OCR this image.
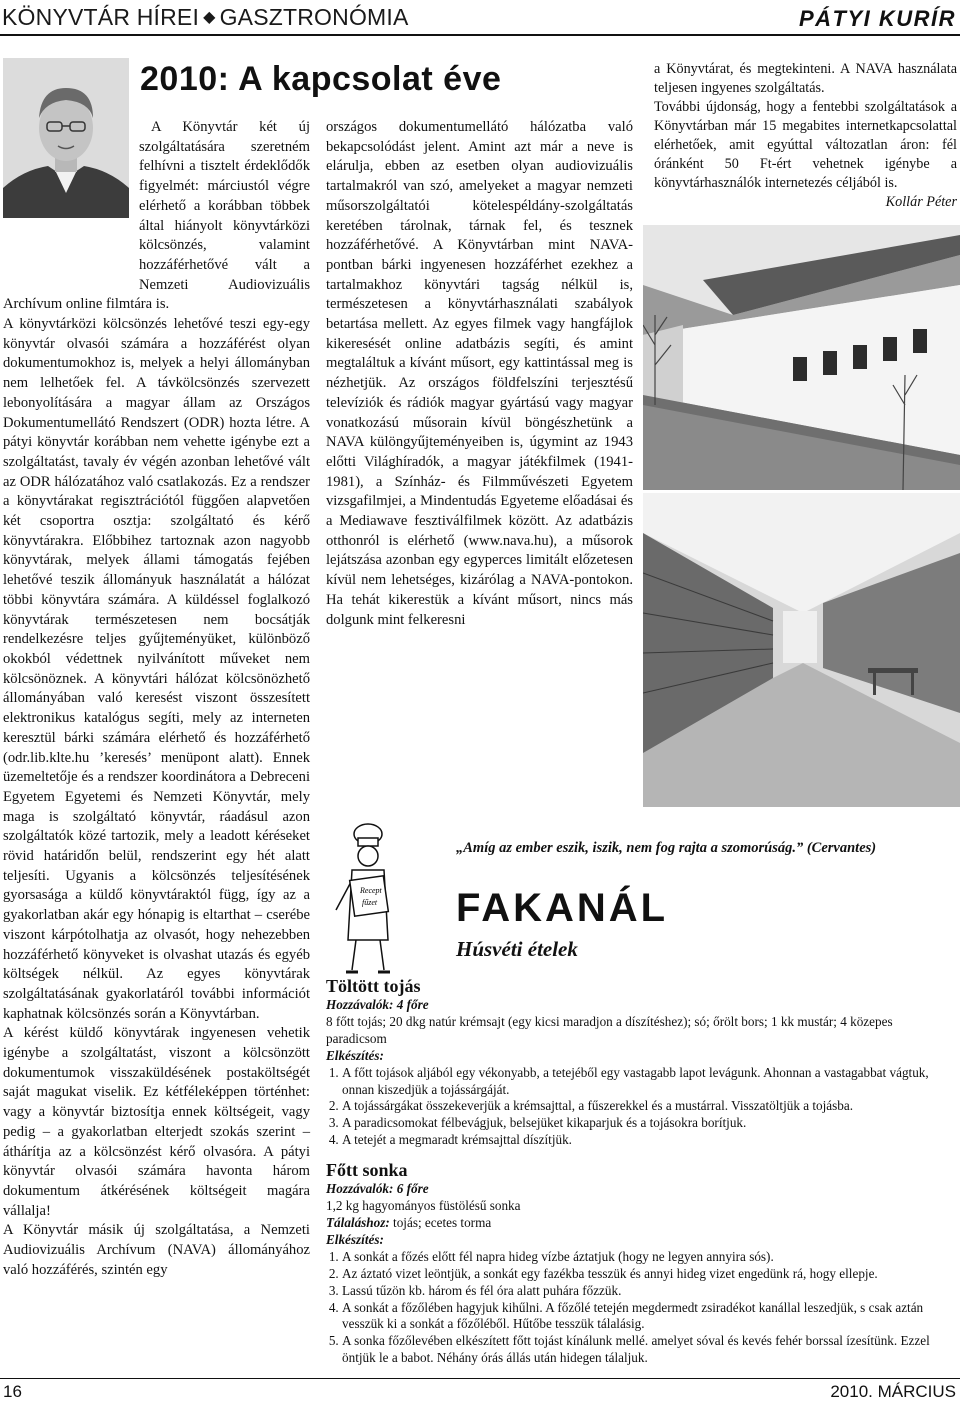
KÖNYVTÁR HÍREI ◆ GASZTRONÓMIA	PÁTYI KURÍR
2010: A kapcsolat éve

A Könyvtár két új szolgáltatására szeretném felhívni a tisztelt érdeklődők figyelmét: márciustól végre elérhető a korábban többek által hiányolt könyvtárközi kölcsönzés, valamint hozzáférhetővé vált a Nemzeti Audiovizuális Archívum online filmtára is.

A könyvtárközi kölcsönzés lehetővé teszi egy-egy könyvtár olvasói számára a hozzáférést olyan dokumentumokhoz is, melyek a helyi állományban nem lelhetőek fel. A távkölcsönzés szervezett lebonyolítására a magyar állam az Országos Dokumentumellátó Rendszert (ODR) hozta létre. A pátyi könyvtár korábban nem vehette igénybe ezt a szolgáltatást, tavaly év végén azonban lehetővé vált az ODR hálózatához való csatlakozás. Ez a rendszer a könyvtárakat regisztrációtól függően alapvetően két csoportra osztja: szolgáltató és kérő könyvtárakra. Előbbihez tartoznak azon nagyobb könyvtárak, melyek állami támogatás fejében lehetővé teszik állományuk használatát a hálózat többi könyvtára számára. A küldéssel foglalkozó könyvtárak természetesen nem bocsátják rendelkezésre teljes gyűjteményüket, különböző okokból védettnek nyilvánított műveket nem kölcsönöznek. A könyvtári hálózat kölcsönözhető állományában való keresést viszont összesített elektronikus katalógus segíti, mely az interneten keresztül bárki számára elérhető és hozzáférhető (odr.lib.klte.hu ’keresés’ menüpont alatt). Ennek üzemeltetője és a rendszer koordinátora a Debreceni Egyetem Egyetemi és Nemzeti Könyvtár, mely maga is szolgáltató könyvtár, ráadásul azon szolgáltatók közé tartozik, mely a leadott kéréseket rövid határidőn belül, rendszerint egy hét alatt teljesíti. Ugyanis a kölcsönzés teljesítésének gyorsasága a küldő könyvtáraktól függ, így az a gyakorlatban akár egy hónapig is eltarthat – cserébe viszont kárpótolhatja az olvasót, hogy nehezebben hozzáférhető könyveket is olvashat utazás és egyéb költségek nélkül. Az egyes könyvtárak szolgáltatásának gyakorlatáról további információt kaphatnak kölcsönzés során a Könyvtárban.

A kérést küldő könyvtárak ingyenesen vehetik igénybe a szolgáltatást, viszont a kölcsönzött dokumentumok visszaküldésének postaköltségét saját magukat viselik. Ez kétféleképpen történhet: vagy a könyvtár biztosítja ennek költségeit, vagy pedig – a gyakorlatban elterjedt szokás szerint – áthárítja az a kölcsönzést kérő olvasóra. A pátyi könyvtár olvasói számára havonta három dokumentum átkérésének költségeit magára vállalja!

A Könyvtár másik új szolgáltatása, a Nemzeti Audiovizuális Archívum (NAVA) állományához való hozzáférés, szintén egy

országos dokumentumellátó hálózatba való bekapcsolódást jelent. Amint azt már a neve is elárulja, ebben az esetben olyan audiovizuális tartalmakról van szó, amelyeket a magyar nemzeti műsorszolgáltatói kötelespéldány-szolgáltatás keretében tárolnak, tárnak fel, és tesznek hozzáférhetővé. A Könyvtárban mint NAVA-pontban bárki ingyenesen hozzáférhet ezekhez a tartalmakhoz könyvtári tagság nélkül is, természetesen a könyvtárhasználati szabályok betartása mellett. Az egyes filmek vagy hangfájlok kikeresését online adatbázis segíti, és amint megtaláltuk a kívánt műsort, egy kattintással meg is nézhetjük. Az országos földfelszíni terjesztésű televíziók és rádiók magyar gyártású vagy magyar vonatkozású műsorain kívül böngészhetünk a NAVA különgyűjteményeiben is, úgymint az 1943 előtti Világhíradók, a magyar játékfilmek (1941-1981), a Színház- és Filmművészeti Egyetem vizsgafilmjei, a Mindentudás Egyeteme előadásai és a Mediawave fesztiválfilmek között. Az adatbázis otthonról is elérhető (www.nava.hu), a műsorok lejátszása azonban egy egyperces limitált előzetesen kívül nem lehetséges, kizárólag a NAVA-pontokon. Ha tehát kikerestük a kívánt műsort, nincs más dolgunk mint felkeresni

a Könyvtárat, és megtekinteni. A NAVA használata teljesen ingyenes szolgáltatás.

További újdonság, hogy a fentebbi szolgáltatások a Könyvtárban már 15 megabites internetkapcsolattal elérhetőek, amit egyúttal változatlan áron: fél óránként 50 Ft-ért vehetnek igénybe a könyvtárhasználók internetezés céljából is.

Kollár Péter

Recept
fűzet
„Amíg az ember eszik, iszik, nem fog rajta a szomorúság.” (Cervantes)
FAKANÁL
Húsvéti ételek
Töltött tojás

Hozzávalók: 4 főre

8 főtt tojás; 20 dkg natúr krémsajt (egy kicsi maradjon a díszítéshez); só; őrölt bors; 1 kk mustár; 4 közepes paradicsom

Elkészítés:

1. A főtt tojások aljából egy vékonyabb, a tetejéből egy vastagabb lapot levágunk. Ahonnan a vastagabbat vágtuk, onnan kiszedjük a tojássárgáját.
2. A tojássárgákat összekeverjük a krémsajttal, a fűszerekkel és a mustárral. Visszatöltjük a tojásba.
3. A paradicsomokat félbevágjuk, belsejüket kikaparjuk és a tojásokra borítjuk.
4. A tetejét a megmaradt krémsajttal díszítjük.
Főtt sonka

Hozzávalók: 6 főre

1,2 kg hagyományos füstölésű sonka

Tálaláshoz: tojás; ecetes torma

Elkészítés:

1. A sonkát a főzés előtt fél napra hideg vízbe áztatjuk (hogy ne legyen annyira sós).
2. Az áztató vizet leöntjük, a sonkát egy fazékba tesszük és annyi hideg vizet engedünk rá, hogy ellepje.
3. Lassú tűzön kb. három és fél óra alatt puhára főzzük.
4. A sonkát a főzőlében hagyjuk kihűlni. A főzőlé tetején megdermedt zsiradékot kanállal leszedjük, s csak aztán vesszük ki a sonkát a főzőléből. Hűtőbe tesszük tálalásig.
5. A sonka főzőlevében elkészített főtt tojást kínálunk mellé. amelyet sóval és kevés fehér borssal ízesítünk. Ezzel öntjük le a babot. Néhány órás állás után hidegen tálaljuk.
16	2010. MÁRCIUS
